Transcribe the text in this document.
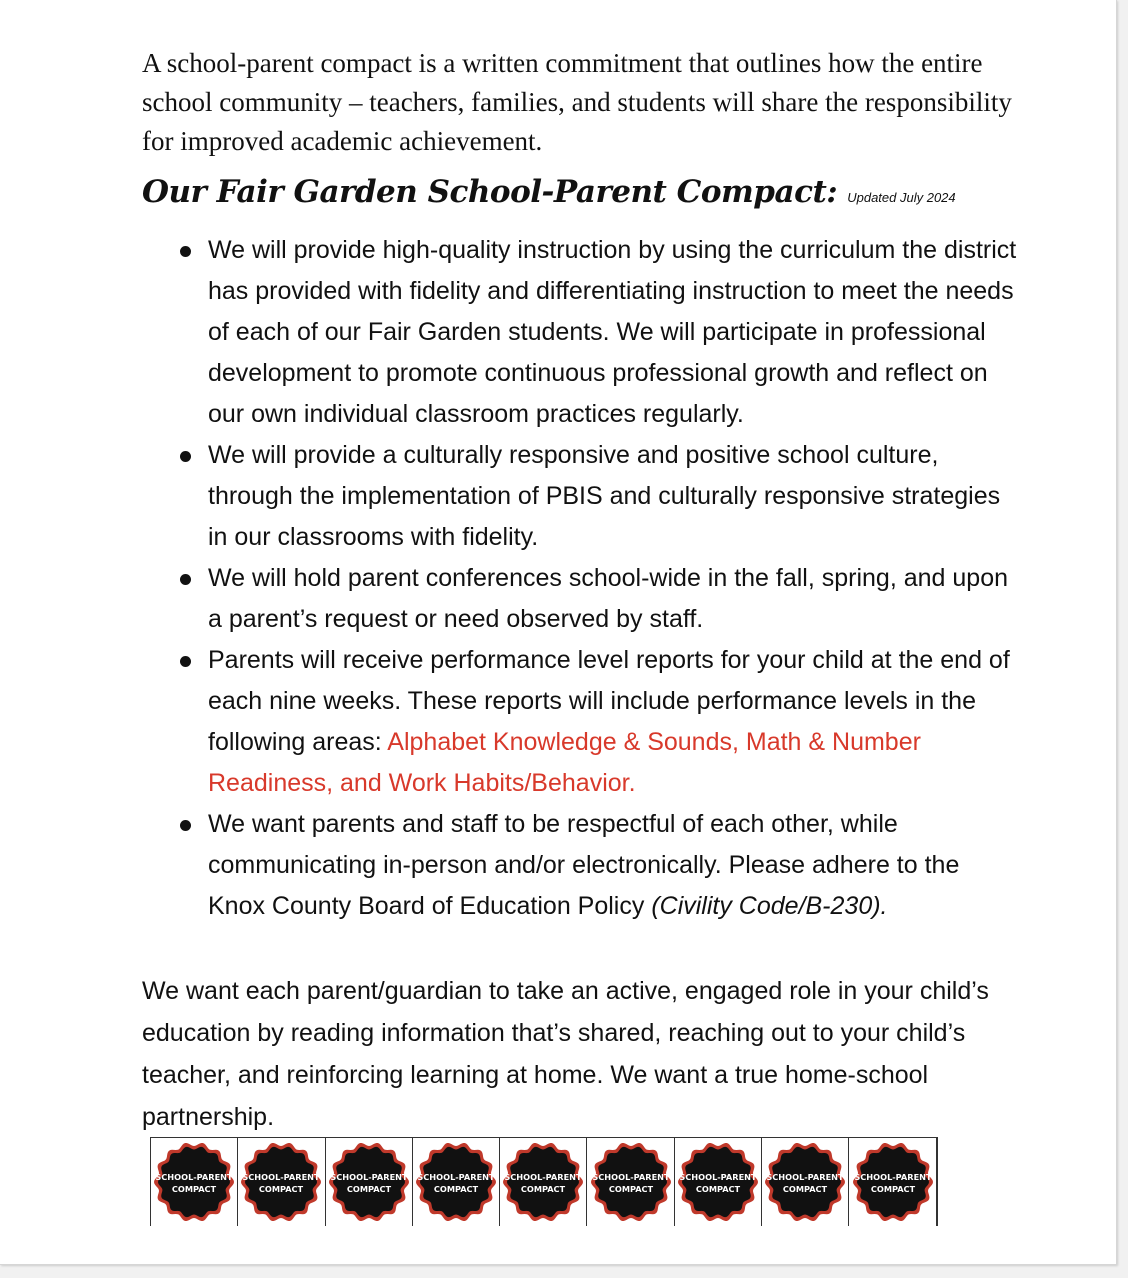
A school-parent compact is a written commitment that outlines how the entire school community – teachers, families, and students will share the responsibility for improved academic achievement.

Our Fair Garden School-Parent Compact: Updated July 2024
We will provide high-quality instruction by using the curriculum the district has provided with fidelity and differentiating instruction to meet the needs of each of our Fair Garden students. We will participate in professional development to promote continuous professional growth and reflect on our own individual classroom practices regularly.
We will provide a culturally responsive and positive school culture, through the implementation of PBIS and culturally responsive strategies in our classrooms with fidelity.
We will hold parent conferences school-wide in the fall, spring, and upon a parent’s request or need observed by staff.
Parents will receive performance level reports for your child at the end of each nine weeks. These reports will include performance levels in the following areas: Alphabet Knowledge & Sounds, Math & Number Readiness, and Work Habits/Behavior.
We want parents and staff to be respectful of each other, while communicating in-person and/or electronically. Please adhere to the Knox County Board of Education Policy (Civility Code/B-230).

We want each parent/guardian to take an active, engaged role in your child’s education by reading information that’s shared, reaching out to your child’s teacher, and reinforcing learning at home. We want a true home-school partnership.

SCHOOL-PARENT
COMPACT
SCHOOL-PARENT
COMPACT
SCHOOL-PARENT
COMPACT
SCHOOL-PARENT
COMPACT
SCHOOL-PARENT
COMPACT
SCHOOL-PARENT
COMPACT
SCHOOL-PARENT
COMPACT
SCHOOL-PARENT
COMPACT
SCHOOL-PARENT
COMPACT
